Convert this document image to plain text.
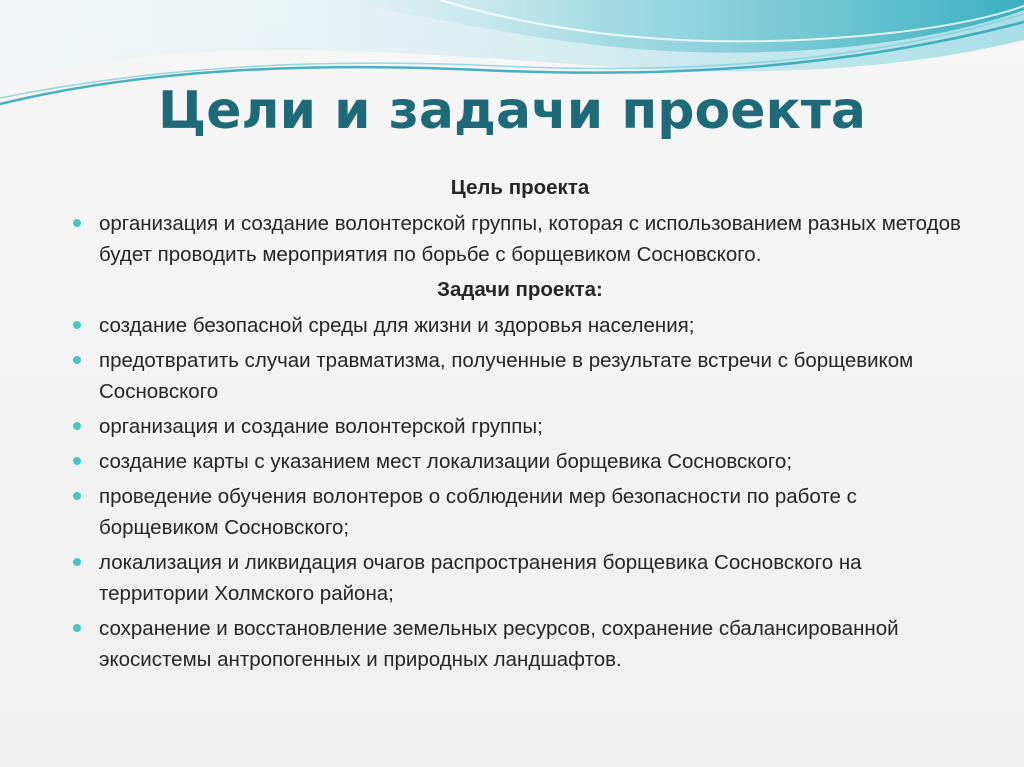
Цели и задачи проекта
Цель проекта
организация и создание волонтерской группы, которая с использованием разных методов будет проводить мероприятия по борьбе с борщевиком Сосновского.
Задачи проекта:
создание безопасной среды для жизни и здоровья населения;
предотвратить случаи травматизма, полученные в результате встречи с борщевиком Сосновского
организация и создание волонтерской группы;
создание карты с указанием мест локализации борщевика Сосновского;
проведение обучения волонтеров о соблюдении мер безопасности по работе с борщевиком Сосновского;
локализация и ликвидация очагов распространения борщевика Сосновского на территории Холмского района;
сохранение и восстановление земельных ресурсов, сохранение сбалансированной экосистемы антропогенных и природных ландшафтов.
